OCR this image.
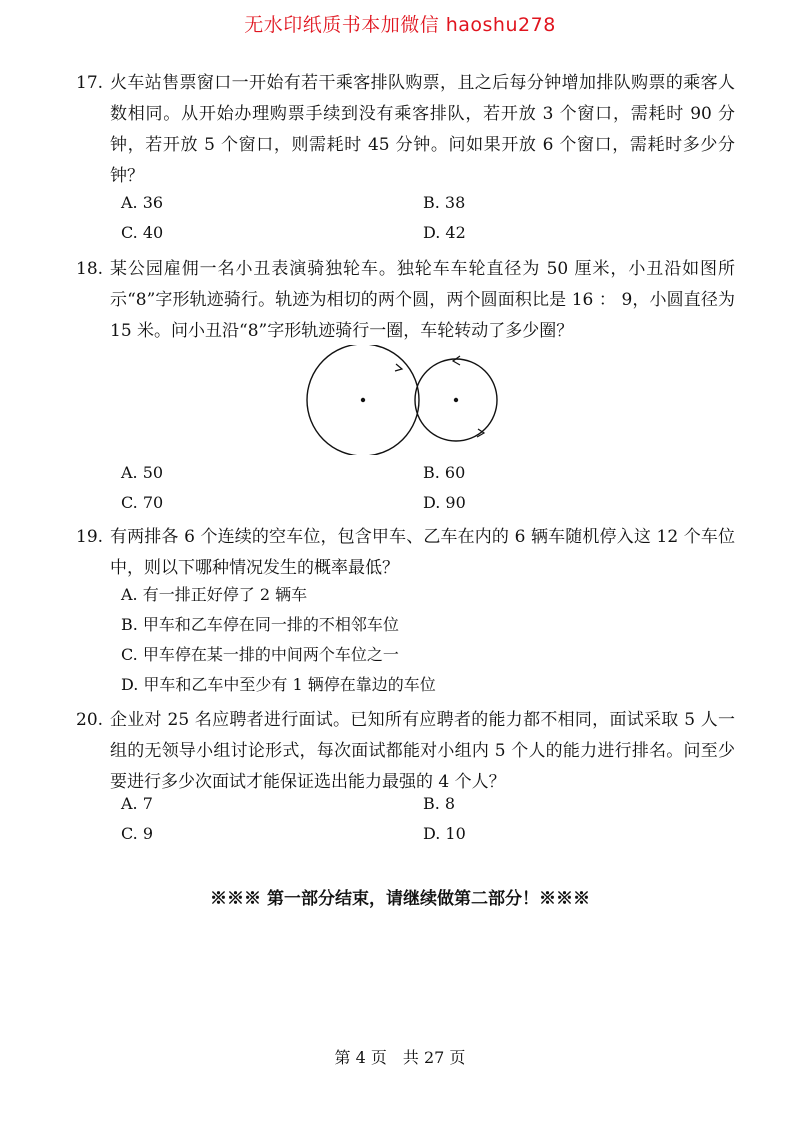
无水印纸质书本加微信 haoshu278
17. 火车站售票窗口一开始有若干乘客排队购票，且之后每分钟增加排队购票的乘客人数相同。从开始办理购票手续到没有乘客排队，若开放 3 个窗口，需耗时 90 分钟，若开放 5 个窗口，则需耗时 45 分钟。问如果开放 6 个窗口，需耗时多少分钟？
A. 36	B. 38
C. 40	D. 42
18. 某公园雇佣一名小丑表演骑独轮车。独轮车车轮直径为 50 厘米，小丑沿如图所示“8”字形轨迹骑行。轨迹为相切的两个圆，两个圆面积比是 16 ： 9，小圆直径为 15 米。问小丑沿“8”字形轨迹骑行一圈，车轮转动了多少圈？
A. 50	B. 60
C. 70	D. 90
19. 有两排各 6 个连续的空车位，包含甲车、乙车在内的 6 辆车随机停入这 12 个车位中，则以下哪种情况发生的概率最低？
A. 有一排正好停了 2 辆车
B. 甲车和乙车停在同一排的不相邻车位
C. 甲车停在某一排的中间两个车位之一
D. 甲车和乙车中至少有 1 辆停在靠边的车位
20. 企业对 25 名应聘者进行面试。已知所有应聘者的能力都不相同，面试采取 5 人一组的无领导小组讨论形式，每次面试都能对小组内 5 个人的能力进行排名。问至少要进行多少次面试才能保证选出能力最强的 4 个人？
A. 7	B. 8
C. 9	D. 10
※※※ 第一部分结束，请继续做第二部分！※※※
第 4 页　共 27 页
